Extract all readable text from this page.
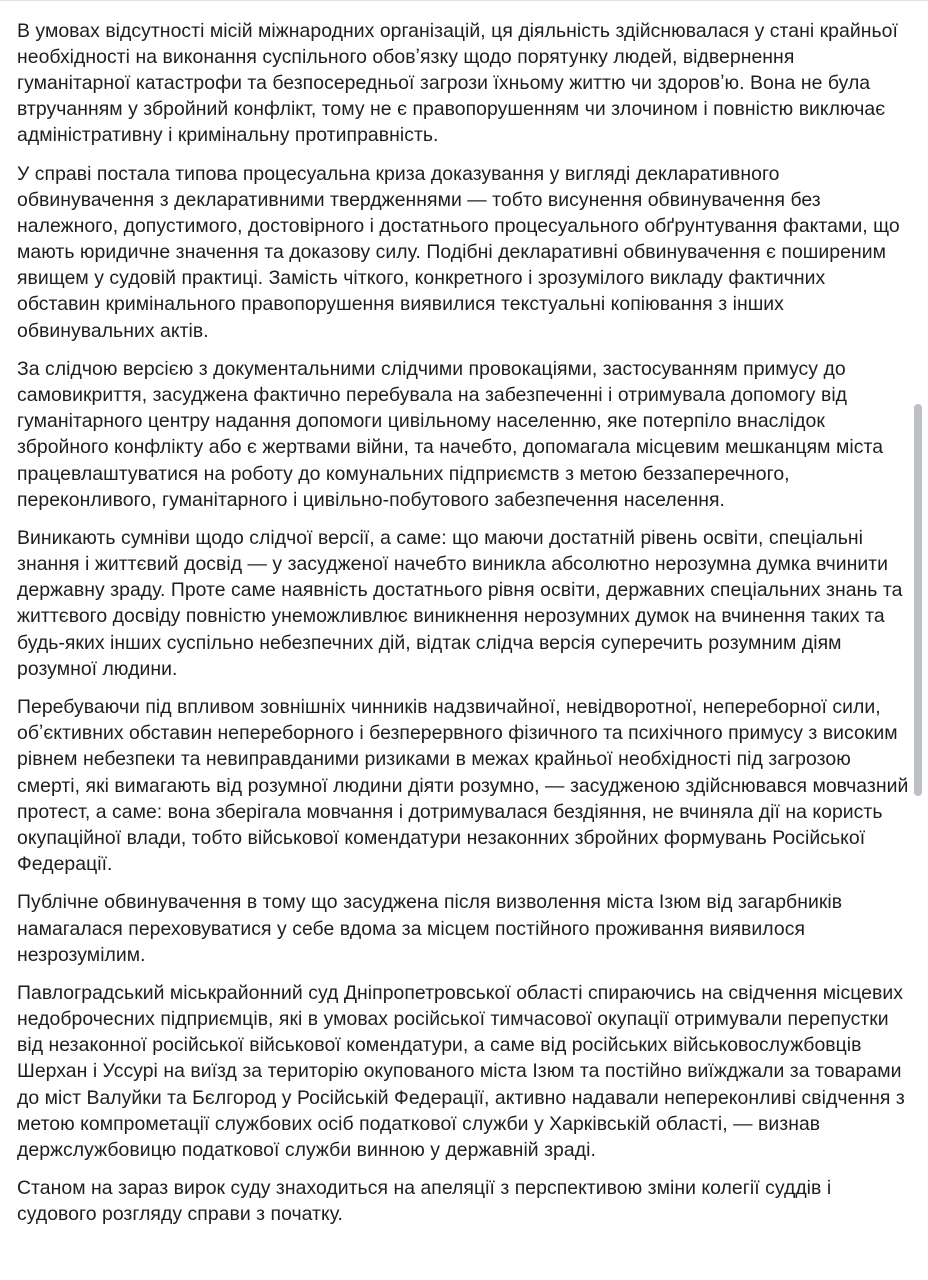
В умовах відсутності місій міжнародних організацій, ця діяльність здійснювалася у стані крайньої необхідності на виконання суспільного обовʼязку щодо порятунку людей, відвернення гуманітарної катастрофи та безпосередньої загрози їхньому життю чи здоровʼю. Вона не була втручанням у збройний конфлікт, тому не є правопорушенням чи злочином і повністю виключає адміністративну і кримінальну протиправність.

У справі постала типова процесуальна криза доказування у вигляді декларативного обвинувачення з декларативними твердженнями — тобто висунення обвинувачення без належного, допустимого, достовірного і достатнього процесуального обґрунтування фактами, що мають юридичне значення та доказову силу. Подібні декларативні обвинувачення є поширеним явищем у судовій практиці. Замість чіткого, конкретного і зрозумілого викладу фактичних обставин кримінального правопорушення виявилися текстуальні копіювання з інших обвинувальних актів.

За слідчою версією з документальними слідчими провокаціями, застосуванням примусу до самовикриття, засуджена фактично перебувала на забезпеченні і отримувала допомогу від гуманітарного центру надання допомоги цивільному населенню, яке потерпіло внаслідок збройного конфлікту або є жертвами війни, та начебто, допомагала місцевим мешканцям міста працевлаштуватися на роботу до комунальних підприємств з метою беззаперечного, переконливого, гуманітарного і цивільно-побутового забезпечення населення.

Виникають сумніви щодо слідчої версії, а саме: що маючи достатній рівень освіти, спеціальні знання і життєвий досвід — у засудженої начебто виникла абсолютно нерозумна думка вчинити державну зраду. Проте саме наявність достатнього рівня освіти, державних спеціальних знань та життєвого досвіду повністю унеможливлює виникнення нерозумних думок на вчинення таких та будь-яких інших суспільно небезпечних дій, відтак слідча версія суперечить розумним діям розумної людини.

Перебуваючи під впливом зовнішніх чинників надзвичайної, невідворотної, непереборної сили, обʼєктивних обставин непереборного і безперервного фізичного та психічного примусу з високим рівнем небезпеки та невиправданими ризиками в межах крайньої необхідності під загрозою смерті, які вимагають від розумної людини діяти розумно, — засудженою здійснювався мовчазний протест, а саме: вона зберігала мовчання і дотримувалася бездіяння, не вчиняла дії на користь окупаційної влади, тобто військової комендатури незаконних збройних формувань Російської Федерації.

Публічне обвинувачення в тому що засуджена після визволення міста Ізюм від загарбників намагалася переховуватися у себе вдома за місцем постійного проживання виявилося незрозумілим.

Павлоградський міськрайонний суд Дніпропетровської області спираючись на свідчення місцевих недоброчесних підприємців, які в умовах російської тимчасової окупації отримували перепустки від незаконної російської військової комендатури, а саме від російських військовослужбовців Шерхан і Уссурі на виїзд за територію окупованого міста Ізюм та постійно виїжджали за товарами до міст Валуйки та Бєлгород у Російській Федерації, активно надавали непереконливі свідчення з метою компрометації службових осіб податкової служби у Харківській області, — визнав держслужбовицю податкової служби винною у державній зраді.

Станом на зараз вирок суду знаходиться на апеляції з перспективою зміни колегії суддів і судового розгляду справи з початку.
